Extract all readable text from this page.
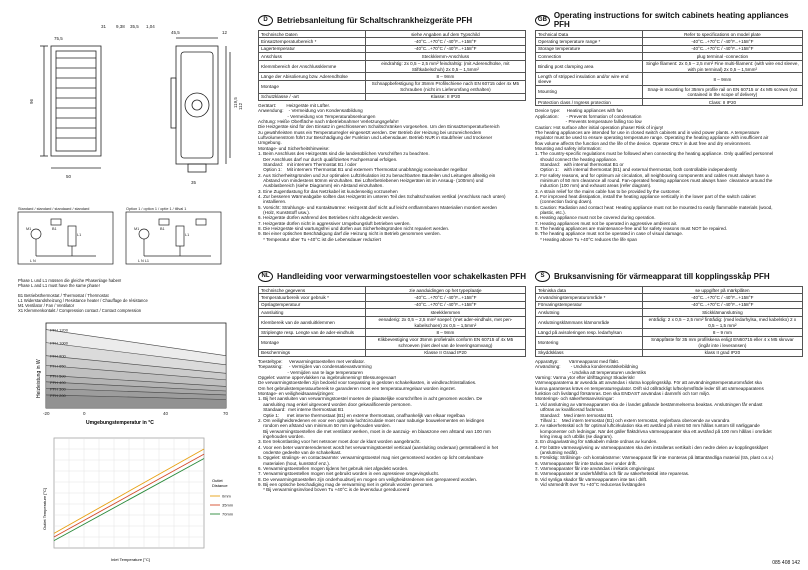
75,5
31 9,38 35,5 1,04
45,5	12
96	119,5 112
50
35
Standard / standard / standaard / standard	Option 1 / option 1 / optie 1 / tillval 1
M1	B1
L1
M1	B1
L1
L N	L N L1
Phase L und L1 müssen die gleiche Phasenlage haben!
Phase L and L1 must have the same phase!
B1 Betriebsthermostat / Thermostat / Thermostat
L1 Widerstandsheizung / Resistance heater / Chauffage de résistance
M1 Ventilator / Fan / Ventilator
X1 Klemmenkontakt / Compression contact / Contact compression
Heizleistung in W
Umgebungstemperatur in °C
PFH 1200
PFH 1000
PFH 800
PFH 650
PFH 500
PFH 400
PFH 300
PFH 200
-20	0	40	70
Outlet Temperature [°C]
Inlet Temperature [°C]
Outlet
Distance
0mm
35mm
70mm
D	Betriebsanleitung für Schaltschrankheizgeräte PFH
Technische Daten	siehe Angaben auf dem Typschild
Einsatztemperaturbereich *	-40°C...+70°C / -40°F...+158°F
Lagertemperatur	-40°C...+70°C / -40°F...+158°F
Anschluss	Steckklemm-Anschluss
Klemmbereich der Anschlussklemme	eindrahtig: 2x 0,5 – 2,5 mm² feindrahtig: (mit Aderendhülse, mit Stiftkabelschuh) 2x 0,5 – 1,5mm²
Länge der Abisolierung bzw. Aderendhülse	8 – 9mm
Montage	Schnappbefestigung für 35mm Profilschiene nach EN 60715 oder 4x M5 Schrauben (nicht im Lieferumfang enthalten)
Schutzklasse / -art	Klasse: II IP20
Gerätart:        Heizgeräte mit Lüfter.
Anwendung:    - Vermeidung von Kondensatbildung
- Vermeidung von Temperaturabsenkungen
Achtung: Heiße Oberfläche nach Inbetriebnahme! Verletzungsgefahr!
Die Heizgeräte sind für den Einsatz in geschlossenen Schaltschränken vorgesehen. Um den Einsatztemperaturbereich
zu gewährleisten muss ein Temperaturregler eingesetzt werden. Der Betrieb der Heizung bei unzureichendem
Luftvolumenstrom führt zur Beschädigung der Funktion und Lebensdauer. Betrieb NUR in staubfreier und trockener
Umgebung.
Montage- und Sicherheitshinweise:
1. Beim Anschluss des Heizgeräts sind die landesüblichen Vorschriften zu beachten.
Der Anschluss darf nur durch qualifiziertes Fachpersonal erfolgen.
Standard:   mit internem Thermostat B1 / oder
Option 1:    Mit internem Thermostat B1 und externem Thermostat unabhängig voneinander regelbar
2. Aus Sicherheitsgründen und zur optimalen Luftzirkulation ist zu benachbarten Bauteilen und Leitungen allseitig ein
Abstand von mindestens 50mm einzuhalten. Bei Lüfterbetriebenen Heizgeräten ist im Ansaug- (100mm) und
Ausblasbereich (siehe Diagramm) ein Abstand einzuhalten.
3. Eine Zugentlastung für das Netzkabel ist kundenseitig vorzusehen
4. Zur besseren Wärmeabgabe sollten das Heizgerät im unteren Teil des Schaltschrankes vertikal (Anschluss nach unten)
installieren.
5. Vorsicht: Strahlungs- und Kontaktwärme: Heizgerät darf nicht auf leicht entflammbaren Materialien montiert werden
(Holz, Kunststoff usw.).
6. Heizgeräte dürfen während des Betriebes nicht abgedeckt werden.
7. Heizgeräte dürfen nicht in aggressiver Umgebungsluft betrieben werden.
8. Die Heizgeräte sind wartungsfrei und dürfen aus Sicherheitsgründen nicht repariert werden.
9. Bei einer optischen Beschädigung darf die Heizung nicht in Betrieb genommen werden.
* Temperatur über Tu +40°C ist die Lebensdauer reduziert
GB Operating instructions for switch cabinets heating appliances PFH
Technical Data	Refer to specifications on model plate
Operating temperature range *	-40°C...+70°C / -40°F...+158°F
Storage temperature	-40°C...+70°C / -40°F...+158°F
Connection	plug terminal -connection
Binding post clamping area	Single filament: 2x 0,5 – 2,5 mm² Fine multi-filament: (with wire end sleeve, with pin terminal) 2x 0,5 – 1,5mm²
Length of stripped insulation and/or wire end sleeve	8 – 9mm
Mounting	Snap-in mounting for 35mm profile rail on EN 60715 or 4x M5 screws (not contained in the scope of delivery)
Protection class / Ingress protection	Class: II IP20
Device type:     Heating appliances with fan
Application:      - Prevents formation of condensation
- Prevents temperature falling too low
Caution: Hot surface after initial operation phase! Risk of injury!
The heating appliances are intended for use in closed switch cabinets and in wind power plants. A temperature
regulator must be used to ensure operating temperature range. Operating the heating appliance with insufficient air
flow volume affects the function and the life of the device. Operate ONLY in dust free and dry environment.
Mounting and safety information:
1. The country-specific regulations must be followed when connecting the heating appliance. Only qualified personnel
should connect the heating appliance.
Standard:   with internal thermostat B1 or
Option 1:    with internal thermostat (B1) and external thermostat, both controllable independently
2. For safety reasons, and for optimum air circulation, all neighbouring components and cables must always have a
minimum of 50 mm clearance all round. Fan-operated heating appliances must always have  clearance around the
induction (100 mm) and exhaust areas (refer diagram).
3. A strain relief for the mains cable has to be provided by the customer.
4. For improved heat dissipation, install the heating appliance vertically in the lower part of the switch cabinet
(connection facing down).
5. Caution: Radiation and contact heat: Heating appliance must not be mounted to easily flammable materials (wood,
plastic, etc.).
6. Heating appliance must not be covered during operation.
7. Heating appliances must not be operated in aggressive ambient air.
8. The heating appliances are maintenance-free and for safety reasons must NOT be repaired.
9. The heating appliance must not be operated in case of visual damage.
* Heating above Tu +40°C reduces the life span
NL Handleiding voor verwarmingstoestellen voor schakelkasten PFH
Technische gegevens	zie aanduidingen op het typeplaatje
Temperatuurbereik voor gebruik *	-40°C...+70°C / -40°F...+158°F
Opslagtemperatuur	-40°C...+70°C / -40°F...+158°F
Aansluiting	steekklemmen
Klembereik van de aansluitklemmen	eenaderig: 2x 0,5 – 2,5 mm² soepel: (met ader-eindhuls, met pen-kabelschoen) 2x 0,5 – 1,5mm²
Striplengte resp. Lengte van de ader-eindhuls	8 – 9mm
Montage	Klikbevestiging voor 35mm profielrails conform EN 60715 of 4x M5 schroeven (niet deel van de leveringsomvang)
Beschermings	Klasse II Graad IP20
Toesteltype:     Verwarmingstoestellen met ventilator.
Toepassing:     - Vermijden van condensatievastvorming
- Vermijden van te lage temperaturen
Opgelet: warme oppervlakken na ingebruikneming! Blessuregevaar!
De verwarmingstoestellen zijn bedoeld voor toepassing in gesloten schakelkasten, in windkrachtinstallaties.
Om het gebruikstemperatuurbereik te garanderen moet een temperatuurregelaar worden ingezet.
Montage- en veiligheidsaanwijzingen:
1. Bij het aansluiten van verwarmingstoestel moeten de plaatselijke voorschriften in acht genomen worden. De
aansluiting mag enkel uitgevoerd worden door gekwalificeerde personen.
Standaard:  met interne thermostaat B1
Optie 1:      met interne thermostaat (B1) en externe thermostaat, onafhankelijk van elkaar regelbaa
2. Om veiligheidsredenen en voor een optimale luchtcirculatie moet naar naburige bouwelementen en leidingen
rondom een afstand van minimum 50 mm ingehouden worden.
Bij verwarmingstoestellen die met ventilator werken, moet in de aanzuig- en blaaszone een afstand van 100 mm
ingehouden worden.
3. Een trekontlasting voor het netsnoer moet door de klant worden aangebracht.
4. Voor een beter warmterendement wordt het verwarmingstoestel verticaal (aansluiting onderaan) geïnstalleerd in het
onderste gedeelte van de schakelkast.
5. Opgelet: stralings- en contactwarmte: verwarmingstoestel mag niet gemonteerd worden op licht ontvlambare
materialen (hout, kunststof enz.).
6. Verwarmingstoestellen mogen tijdens het gebruik niet afgedekt worden.
7. Verwarmingstoestellen mogen niet gebruikt worden in een agressieve omgevingslucht.
8. De verwarmingstoestellen zijn onderhoudsvrij en mogen om veiligheidsredenen niet gerepareerd worden.
9. Bij een optische beschadiging mag de verwarming niet in gebruik worden genomen.
* Bij verwarmingsinvloed boven Tu +40°C is de levensduur gereduceerd
S	Bruksanvisning för värmeapparat till kopplingsskåp PFH
Tekniska data	se uppgifter på märkplåten
Användningstemperaturområde *	-40°C...+70°C / -40°F...+158°F
Förvaringstemperatur	-40°C...+70°C / -40°F...+158°F
Anslutning	Stickklämanslutning
Anslutningsklämmans klämområde	entrådig: 2 x 0,5 – 2,5 mm² fintrådig: (med ledarhylsa, med kabelsko) 2 x 0,5 – 1,5 mm²
Längd på avisoleringen resp. ledarhylsan	8 – 9 mm
Montering	Snäppfäste för 35 mm profilskena enligt EN60715 eller 4 x M5 skruvar (ingår inte i leveransen)
Skyddsklass	klass II grad IP20
Apparattyp:        Värmeapparat med fläkt.
Användning:        - Undvika kondensvätskebildning
- Undvika att temperaturen understiks
Varning: Varma ytor efter idrifttagning! Skaderisk!
Värmeapparaterna är avsedda att användas i slutna kopplingsskåp. För att användningstemperaturområdet ska
kunna garanteras krävs en temperaturregulator. Drift vid otillräckligt luftvolymsflöde leder till att värmeapparatens
funktion och livslängd försämras. Den ska ENDAST användas i dammfri och torr miljö.
Monterings- och säkerhetsanvisningar:
1. Vid anslutning av värmeapparaten ska de i landet gällande bestämmelserna beaktas. Anslutningen får endast
utföras av kvalificerad fackman.
Standard:   Med intern termostat B1
Tillval 1:    Med intern termostat (B1) och extern termostat, reglerbara oberoende av varandra
2. Av säkerhetsskäl och för optimal luftcirkulation ska ett avstånd på minst 50 mm hållas runtom till närliggande
komponenter och ledningar. När det gäller fläktdrivna värmeapparater ska ett avstånd på 100 mm hållas i området
kring insug och utblås (se diagram).
3. En dragavlastning för nätkabeln måste ordnas av kunden.
4. För bättre värmeavgivning av värmeapparaten ska den installeras vertikalt i den nedre delen av kopplingsskåpet
(anslutning nedåt).
5. Försiktig: Strålnings- och kontaktvärme: Värmeapparat får inte monteras på lättantändliga material (trä, plast o.s.v.)
6. Värmeapparater får inte täckas över under drift.
7. Värmeapparater får inte användas i irekatis omgivningar.
8. Värmeapparater är underhållsfria och får av säkerhetsskäl inte repareras.
9. Vid synliga skador får värmeapparaten inte tas i drift.
Vid värmedrift över Tu +40°C reduceras livslängden
085 408 142
